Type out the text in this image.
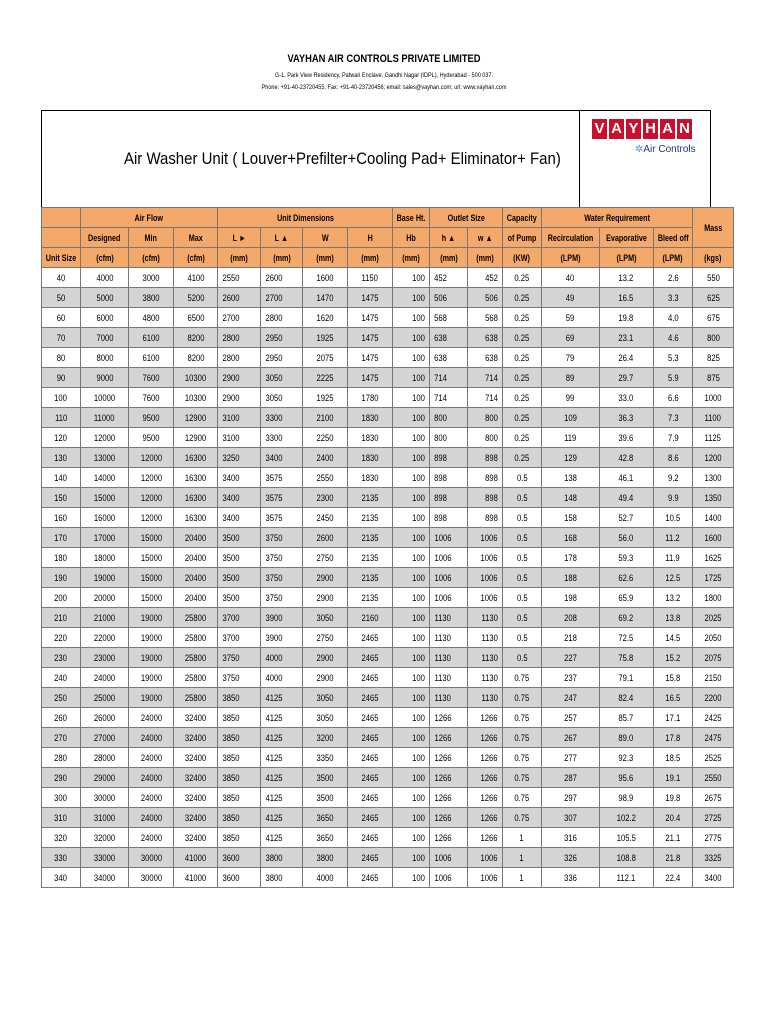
VAYHAN AIR CONTROLS PRIVATE LIMITED
G-1, Park View Residency, Patwari Enclave, Gandhi Nagar (IDPL), Hyderabad - 500 037.
Phone: +91-40-23720455; Fax: +91-40-23720456; email: sales@vayhan.com; url: www.vayhan.com
Air Washer Unit ( Louver+Prefilter+Cooling Pad+ Eliminator+ Fan)
V A Y H A N
✲Air Controls
	Air Flow			Unit Dimensions				Base Ht.	Outlet Size		Capacity	Water Requirement			Mass
	Designed	Min	Max	L ►	L ▲	W	H	Hb	h ▲	w ▲	of Pump	Recirculation	Evaporative	Bleed off	
Unit Size	(cfm)	(cfm)	(cfm)	(mm)	(mm)	(mm)	(mm)	(mm)	(mm)	(mm)	(KW)	(LPM)	(LPM)	(LPM)	(kgs)
40	4000	3000	4100	2550	2600	1600	1150	100	452	452	0.25	40	13.2	2.6	550
50	5000	3800	5200	2600	2700	1470	1475	100	506	506	0.25	49	16.5	3.3	625
60	6000	4800	6500	2700	2800	1620	1475	100	568	568	0.25	59	19.8	4.0	675
70	7000	6100	8200	2800	2950	1925	1475	100	638	638	0.25	69	23.1	4.6	800
80	8000	6100	8200	2800	2950	2075	1475	100	638	638	0.25	79	26.4	5.3	825
90	9000	7600	10300	2900	3050	2225	1475	100	714	714	0.25	89	29.7	5.9	875
100	10000	7600	10300	2900	3050	1925	1780	100	714	714	0.25	99	33.0	6.6	1000
110	11000	9500	12900	3100	3300	2100	1830	100	800	800	0.25	109	36.3	7.3	1100
120	12000	9500	12900	3100	3300	2250	1830	100	800	800	0.25	119	39.6	7.9	1125
130	13000	12000	16300	3250	3400	2400	1830	100	898	898	0.25	129	42.8	8.6	1200
140	14000	12000	16300	3400	3575	2550	1830	100	898	898	0.5	138	46.1	9.2	1300
150	15000	12000	16300	3400	3575	2300	2135	100	898	898	0.5	148	49.4	9.9	1350
160	16000	12000	16300	3400	3575	2450	2135	100	898	898	0.5	158	52.7	10.5	1400
170	17000	15000	20400	3500	3750	2600	2135	100	1006	1006	0.5	168	56.0	11.2	1600
180	18000	15000	20400	3500	3750	2750	2135	100	1006	1006	0.5	178	59.3	11.9	1625
190	19000	15000	20400	3500	3750	2900	2135	100	1006	1006	0.5	188	62.6	12.5	1725
200	20000	15000	20400	3500	3750	2900	2135	100	1006	1006	0.5	198	65.9	13.2	1800
210	21000	19000	25800	3700	3900	3050	2160	100	1130	1130	0.5	208	69.2	13.8	2025
220	22000	19000	25800	3700	3900	2750	2465	100	1130	1130	0.5	218	72.5	14.5	2050
230	23000	19000	25800	3750	4000	2900	2465	100	1130	1130	0.5	227	75.8	15.2	2075
240	24000	19000	25800	3750	4000	2900	2465	100	1130	1130	0.75	237	79.1	15.8	2150
250	25000	19000	25800	3850	4125	3050	2465	100	1130	1130	0.75	247	82.4	16.5	2200
260	26000	24000	32400	3850	4125	3050	2465	100	1266	1266	0.75	257	85.7	17.1	2425
270	27000	24000	32400	3850	4125	3200	2465	100	1266	1266	0.75	267	89.0	17.8	2475
280	28000	24000	32400	3850	4125	3350	2465	100	1266	1266	0.75	277	92.3	18.5	2525
290	29000	24000	32400	3850	4125	3500	2465	100	1266	1266	0.75	287	95.6	19.1	2550
300	30000	24000	32400	3850	4125	3500	2465	100	1266	1266	0.75	297	98.9	19.8	2675
310	31000	24000	32400	3850	4125	3650	2465	100	1266	1266	0.75	307	102.2	20.4	2725
320	32000	24000	32400	3850	4125	3650	2465	100	1266	1266	1	316	105.5	21.1	2775
330	33000	30000	41000	3600	3800	3800	2465	100	1006	1006	1	326	108.8	21.8	3325
340	34000	30000	41000	3600	3800	4000	2465	100	1006	1006	1	336	112.1	22.4	3400
